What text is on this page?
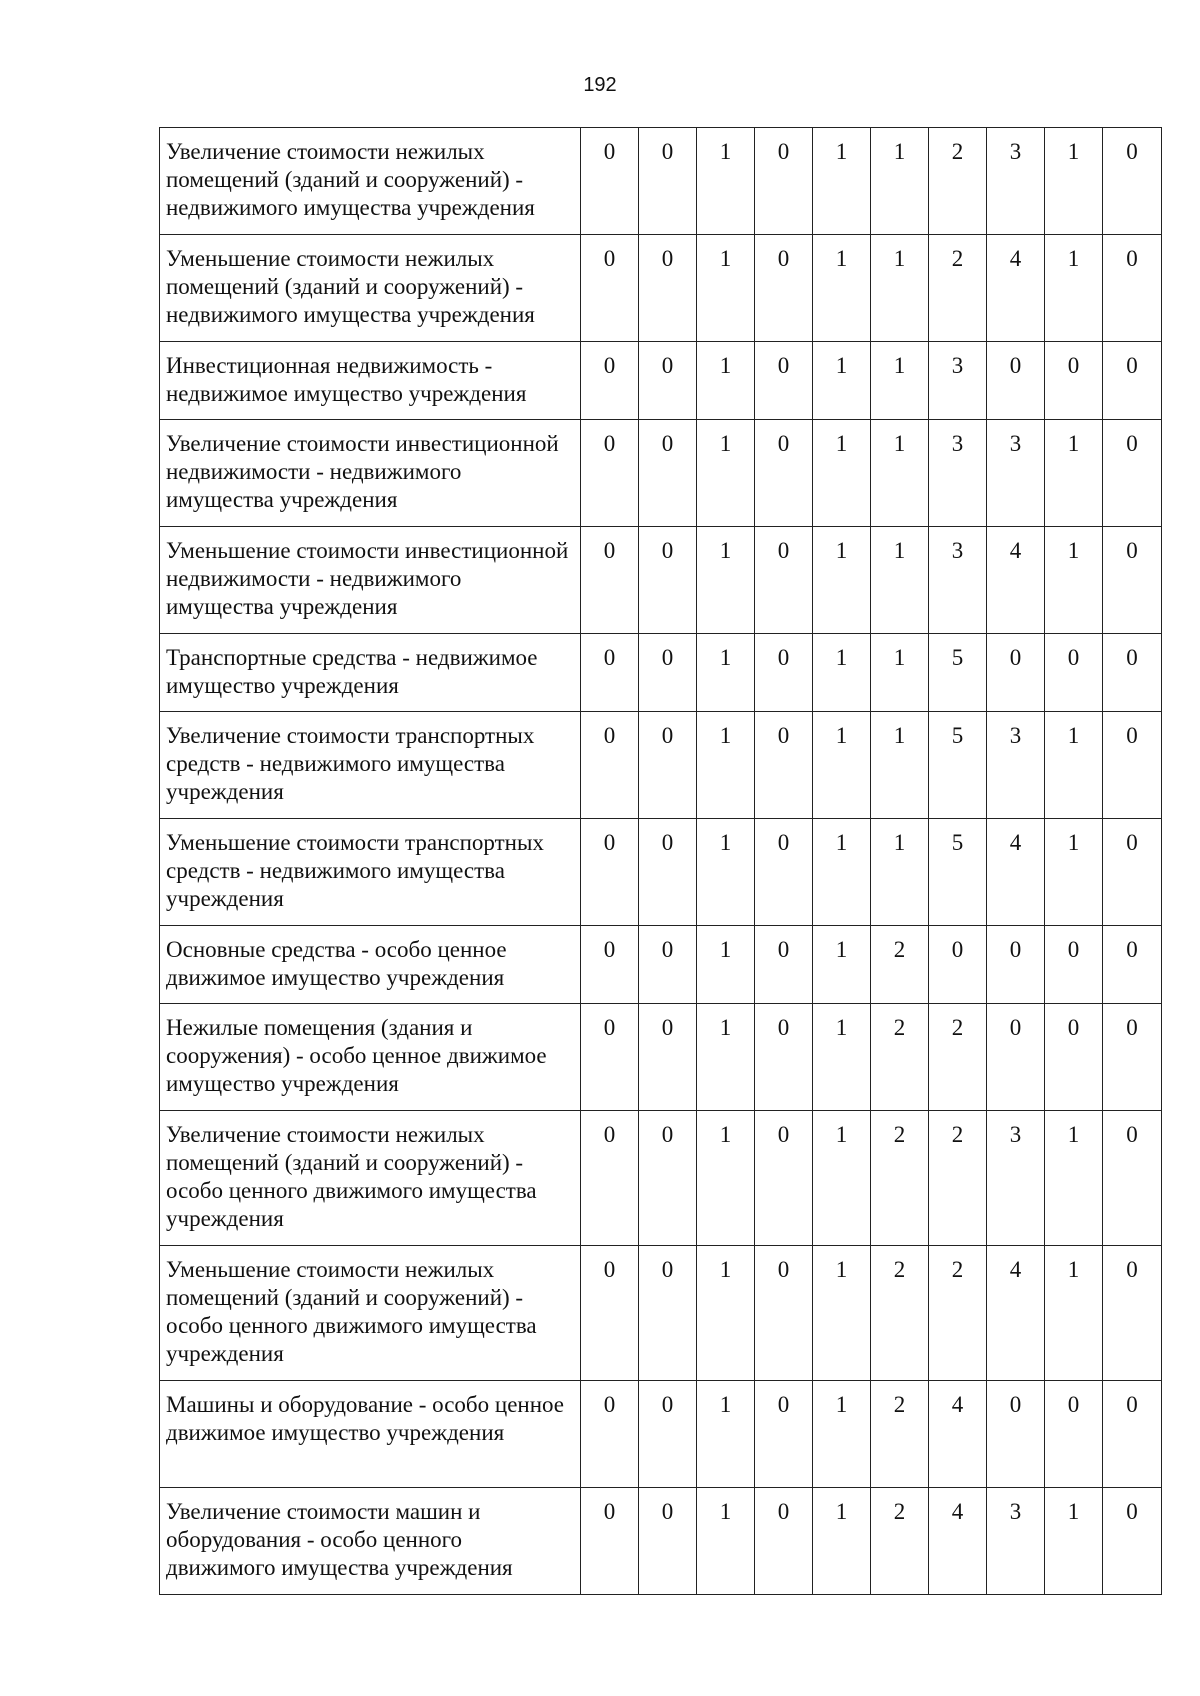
192
Увеличение стоимости нежилых помещений (зданий и сооружений) - недвижимого имущества учреждения	0	0	1	0	1	1	2	3	1	0
Уменьшение стоимости нежилых помещений (зданий и сооружений) - недвижимого имущества учреждения	0	0	1	0	1	1	2	4	1	0
Инвестиционная недвижимость - недвижимое имущество учреждения	0	0	1	0	1	1	3	0	0	0
Увеличение стоимости инвестиционной недвижимости - недвижимого имущества учреждения	0	0	1	0	1	1	3	3	1	0
Уменьшение стоимости инвестиционной недвижимости - недвижимого имущества учреждения	0	0	1	0	1	1	3	4	1	0
Транспортные средства - недвижимое имущество учреждения	0	0	1	0	1	1	5	0	0	0
Увеличение стоимости транспортных средств - недвижимого имущества учреждения	0	0	1	0	1	1	5	3	1	0
Уменьшение стоимости транспортных средств - недвижимого имущества учреждения	0	0	1	0	1	1	5	4	1	0
Основные средства - особо ценное движимое имущество учреждения	0	0	1	0	1	2	0	0	0	0
Нежилые помещения (здания и сооружения) - особо ценное движимое имущество учреждения	0	0	1	0	1	2	2	0	0	0
Увеличение стоимости нежилых помещений (зданий и сооружений) - особо ценного движимого имущества учреждения	0	0	1	0	1	2	2	3	1	0
Уменьшение стоимости нежилых помещений (зданий и сооружений) - особо ценного движимого имущества учреждения	0	0	1	0	1	2	2	4	1	0
Машины и оборудование - особо ценное движимое имущество учреждения	0	0	1	0	1	2	4	0	0	0
Увеличение стоимости машин и оборудования - особо ценного движимого имущества учреждения	0	0	1	0	1	2	4	3	1	0
